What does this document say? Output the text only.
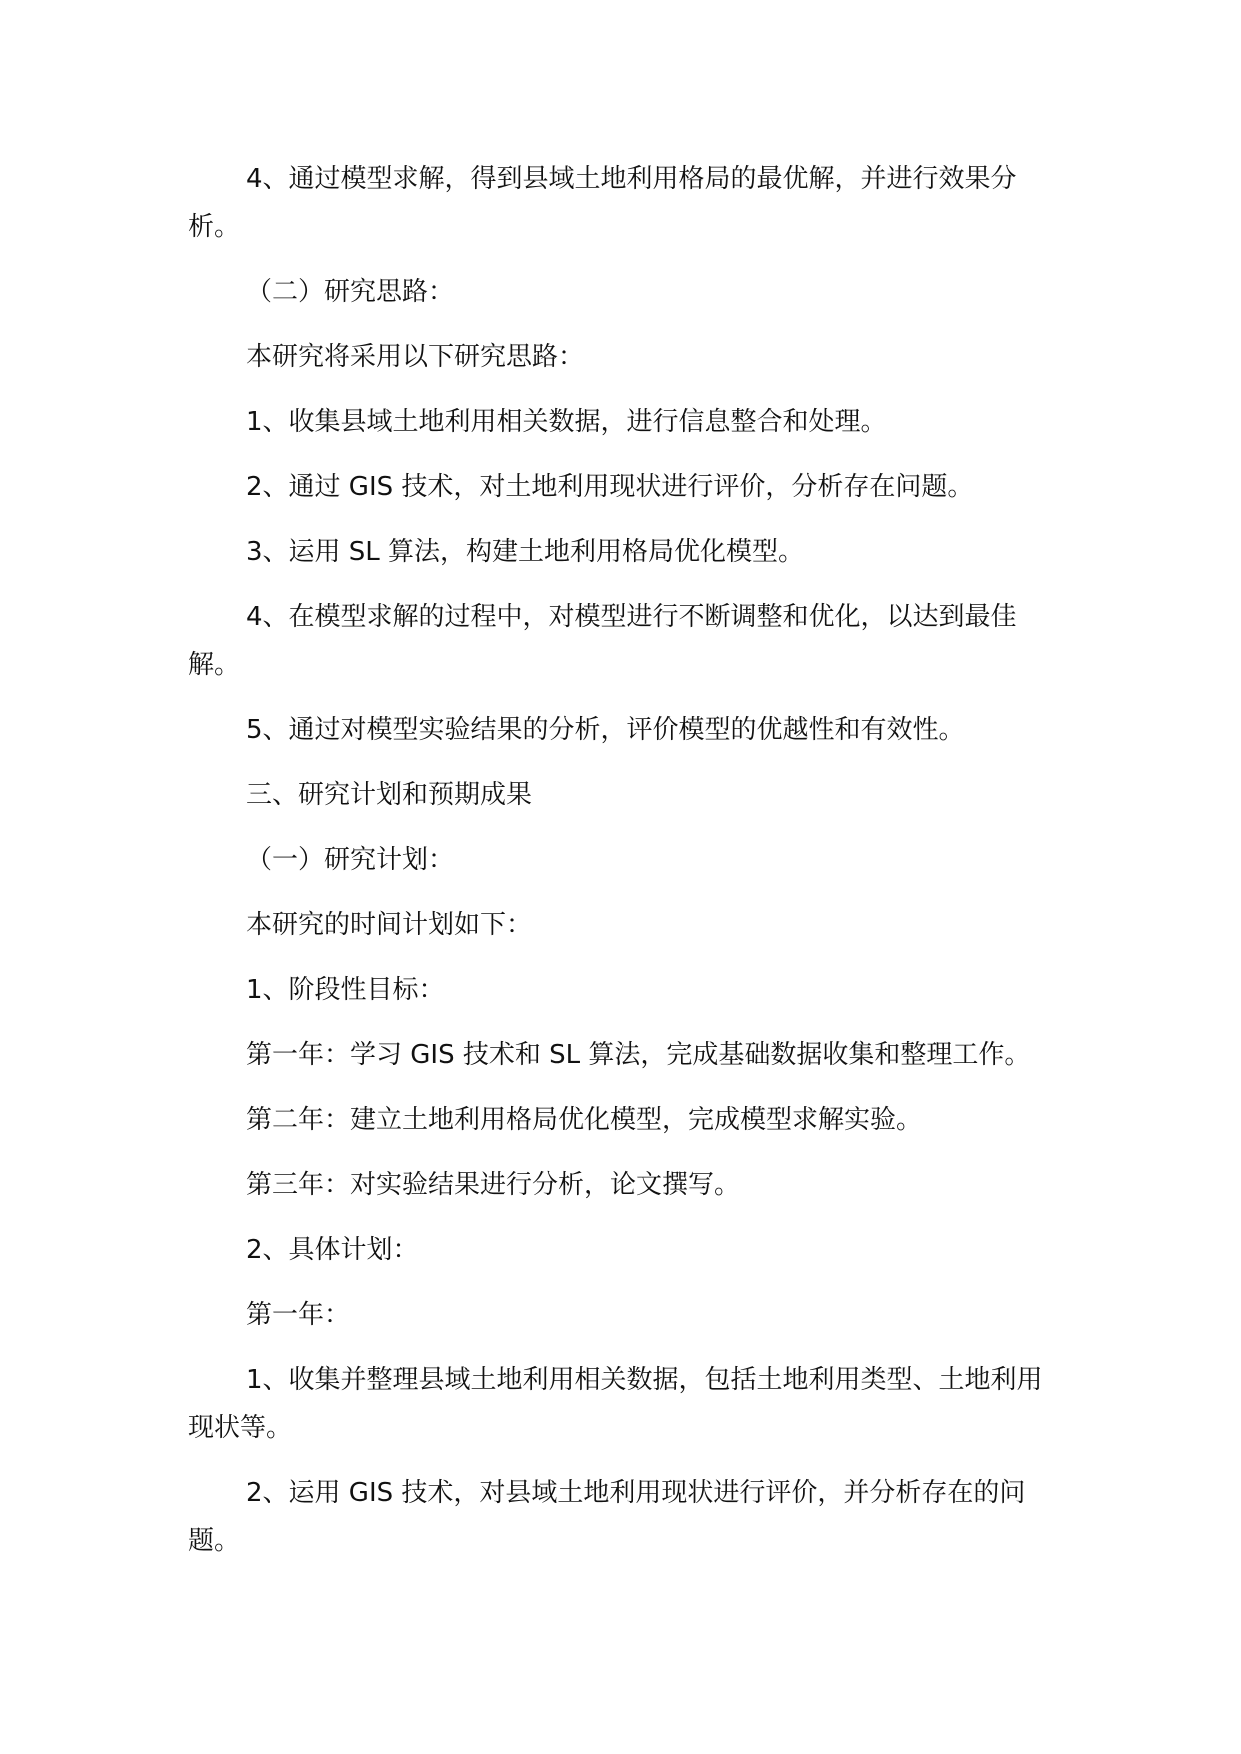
4、通过模型求解，得到县域土地利用格局的最优解，并进行效果分析。

（二）研究思路：

本研究将采用以下研究思路：

1、收集县域土地利用相关数据，进行信息整合和处理。

2、通过 GIS 技术，对土地利用现状进行评价，分析存在问题。

3、运用 SL 算法，构建土地利用格局优化模型。

4、在模型求解的过程中，对模型进行不断调整和优化，以达到最佳解。

5、通过对模型实验结果的分析，评价模型的优越性和有效性。

三、研究计划和预期成果

（一）研究计划：

本研究的时间计划如下：

1、阶段性目标：

第一年：学习 GIS 技术和 SL 算法，完成基础数据收集和整理工作。

第二年：建立土地利用格局优化模型，完成模型求解实验。

第三年：对实验结果进行分析，论文撰写。

2、具体计划：

第一年：

1、收集并整理县域土地利用相关数据，包括土地利用类型、土地利用现状等。

2、运用 GIS 技术，对县域土地利用现状进行评价，并分析存在的问题。
